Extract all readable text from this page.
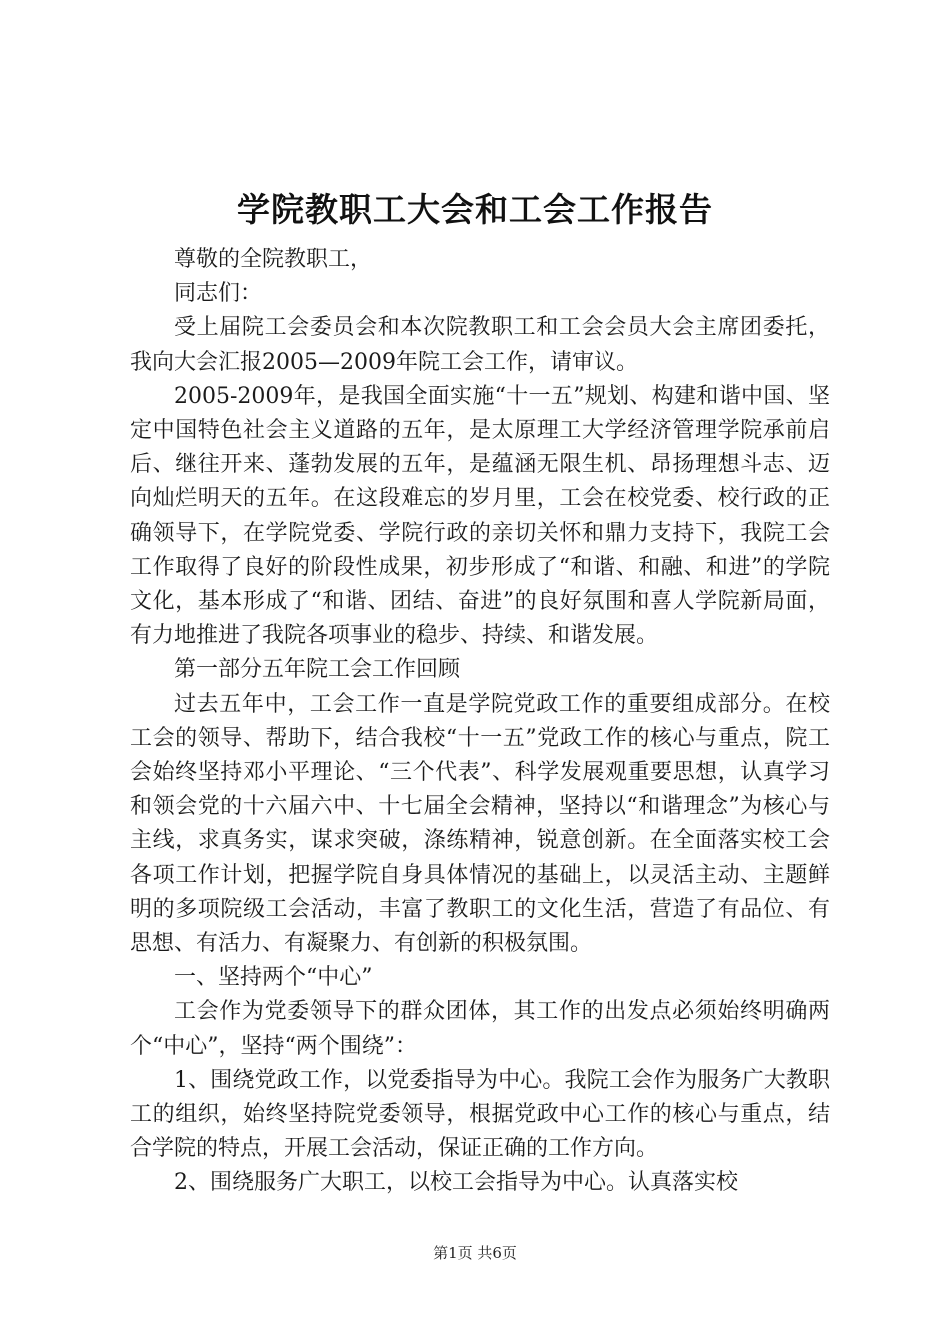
学院教职工大会和工会工作报告

尊敬的全院教职工，

同志们：

受上届院工会委员会和本次院教职工和工会会员大会主席团委托，我向大会汇报2005—2009年院工会工作，请审议。

2005-2009年，是我国全面实施“十一五”规划、构建和谐中国、坚定中国特色社会主义道路的五年，是太原理工大学经济管理学院承前启后、继往开来、蓬勃发展的五年，是蕴涵无限生机、昂扬理想斗志、迈向灿烂明天的五年。在这段难忘的岁月里，工会在校党委、校行政的正确领导下，在学院党委、学院行政的亲切关怀和鼎力支持下，我院工会工作取得了良好的阶段性成果，初步形成了“和谐、和融、和进”的学院文化，基本形成了“和谐、团结、奋进”的良好氛围和喜人学院新局面，有力地推进了我院各项事业的稳步、持续、和谐发展。

第一部分五年院工会工作回顾

过去五年中，工会工作一直是学院党政工作的重要组成部分。在校工会的领导、帮助下，结合我校“十一五”党政工作的核心与重点，院工会始终坚持邓小平理论、“三个代表”、科学发展观重要思想，认真学习和领会党的十六届六中、十七届全会精神，坚持以“和谐理念”为核心与主线，求真务实，谋求突破，涤练精神，锐意创新。在全面落实校工会各项工作计划，把握学院自身具体情况的基础上，以灵活主动、主题鲜明的多项院级工会活动，丰富了教职工的文化生活，营造了有品位、有思想、有活力、有凝聚力、有创新的积极氛围。

一、坚持两个“中心”

工会作为党委领导下的群众团体，其工作的出发点必须始终明确两个“中心”，坚持“两个围绕”：

1、围绕党政工作，以党委指导为中心。我院工会作为服务广大教职工的组织，始终坚持院党委领导，根据党政中心工作的核心与重点，结合学院的特点，开展工会活动，保证正确的工作方向。

2、围绕服务广大职工，以校工会指导为中心。认真落实校

第1页 共6页
